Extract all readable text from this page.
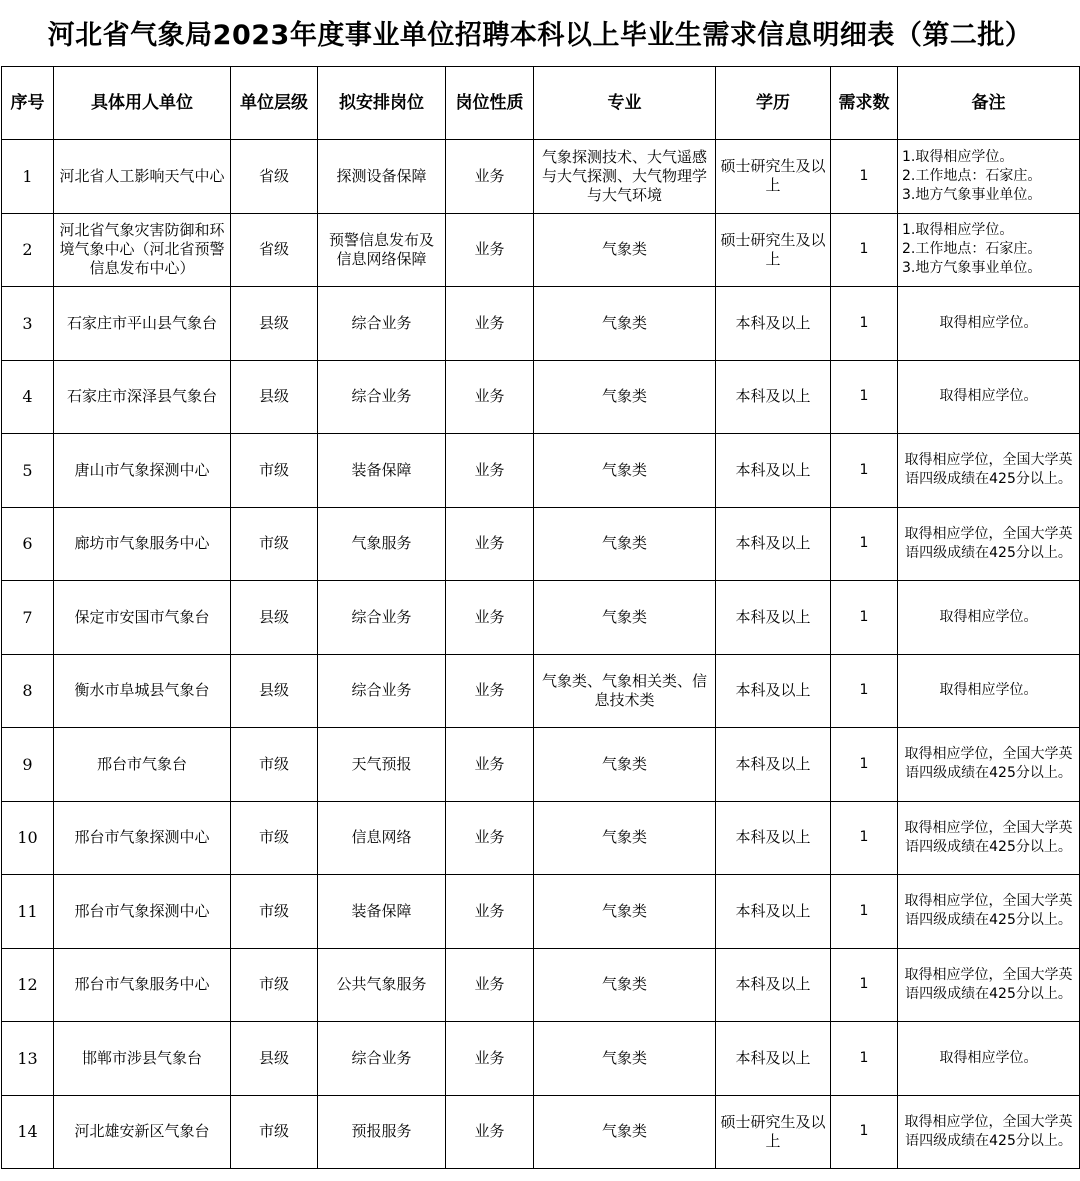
河北省气象局2023年度事业单位招聘本科以上毕业生需求信息明细表（第二批）
序号	具体用人单位	单位层级	拟安排岗位	岗位性质	专业	学历	需求数	备注
1	河北省人工影响天气中心	省级	探测设备保障	业务	气象探测技术、大气遥感与大气探测、大气物理学与大气环境	硕士研究生及以上	1	1.取得相应学位。
2.工作地点：石家庄。
3.地方气象事业单位。
2	河北省气象灾害防御和环境气象中心（河北省预警信息发布中心）	省级	预警信息发布及信息网络保障	业务	气象类	硕士研究生及以上	1	1.取得相应学位。
2.工作地点：石家庄。
3.地方气象事业单位。
3	石家庄市平山县气象台	县级	综合业务	业务	气象类	本科及以上	1	取得相应学位。
4	石家庄市深泽县气象台	县级	综合业务	业务	气象类	本科及以上	1	取得相应学位。
5	唐山市气象探测中心	市级	装备保障	业务	气象类	本科及以上	1	取得相应学位，全国大学英语四级成绩在425分以上。
6	廊坊市气象服务中心	市级	气象服务	业务	气象类	本科及以上	1	取得相应学位，全国大学英语四级成绩在425分以上。
7	保定市安国市气象台	县级	综合业务	业务	气象类	本科及以上	1	取得相应学位。
8	衡水市阜城县气象台	县级	综合业务	业务	气象类、气象相关类、信息技术类	本科及以上	1	取得相应学位。
9	邢台市气象台	市级	天气预报	业务	气象类	本科及以上	1	取得相应学位，全国大学英语四级成绩在425分以上。
10	邢台市气象探测中心	市级	信息网络	业务	气象类	本科及以上	1	取得相应学位，全国大学英语四级成绩在425分以上。
11	邢台市气象探测中心	市级	装备保障	业务	气象类	本科及以上	1	取得相应学位，全国大学英语四级成绩在425分以上。
12	邢台市气象服务中心	市级	公共气象服务	业务	气象类	本科及以上	1	取得相应学位，全国大学英语四级成绩在425分以上。
13	邯郸市涉县气象台	县级	综合业务	业务	气象类	本科及以上	1	取得相应学位。
14	河北雄安新区气象台	市级	预报服务	业务	气象类	硕士研究生及以上	1	取得相应学位，全国大学英语四级成绩在425分以上。
